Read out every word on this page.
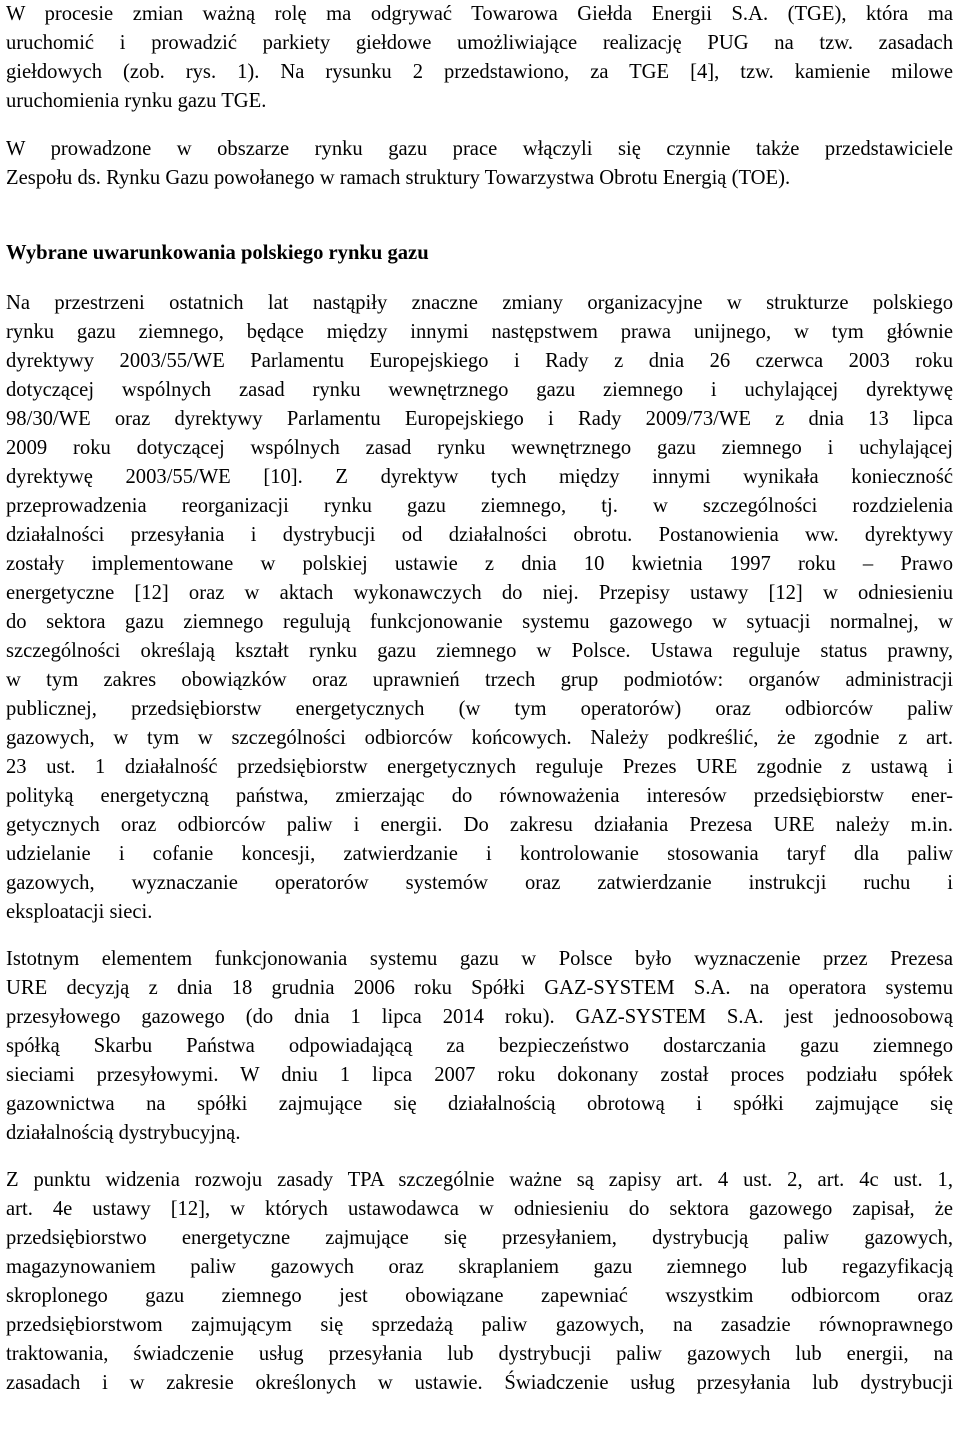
W procesie zmian ważną rolę ma odgrywać Towarowa Giełda Energii S.A. (TGE), która ma
uruchomić i prowadzić parkiety giełdowe umożliwiające realizację PUG na tzw. zasadach
giełdowych (zob. rys. 1). Na rysunku 2 przedstawiono, za TGE [4], tzw. kamienie milowe
uruchomienia rynku gazu TGE.
W prowadzone w obszarze rynku gazu prace włączyli się czynnie także przedstawiciele
Zespołu ds. Rynku Gazu powołanego w ramach struktury Towarzystwa Obrotu Energią (TOE).
Wybrane uwarunkowania polskiego rynku gazu
Na przestrzeni ostatnich lat nastąpiły znaczne zmiany organizacyjne w strukturze polskiego
rynku gazu ziemnego, będące między innymi następstwem prawa unijnego, w tym głównie
dyrektywy 2003/55/WE Parlamentu Europejskiego i Rady z dnia 26 czerwca 2003 roku
dotyczącej wspólnych zasad rynku wewnętrznego gazu ziemnego i uchylającej dyrektywę
98/30/WE oraz dyrektywy Parlamentu Europejskiego i Rady 2009/73/WE z dnia 13 lipca
2009 roku dotyczącej wspólnych zasad rynku wewnętrznego gazu ziemnego i uchylającej
dyrektywę 2003/55/WE [10]. Z dyrektyw tych między innymi wynikała konieczność
przeprowadzenia reorganizacji rynku gazu ziemnego, tj. w szczególności rozdzielenia
działalności przesyłania i dystrybucji od działalności obrotu. Postanowienia ww. dyrektywy
zostały implementowane w polskiej ustawie z dnia 10 kwietnia 1997 roku – Prawo
energetyczne [12] oraz w aktach wykonawczych do niej. Przepisy ustawy [12] w odniesieniu
do sektora gazu ziemnego regulują funkcjonowanie systemu gazowego w sytuacji normalnej, w
szczególności określają kształt rynku gazu ziemnego w Polsce. Ustawa reguluje status prawny,
w tym zakres obowiązków oraz uprawnień trzech grup podmiotów: organów administracji
publicznej, przedsiębiorstw energetycznych (w tym operatorów) oraz odbiorców paliw
gazowych, w tym w szczególności odbiorców końcowych. Należy podkreślić, że zgodnie z art.
23 ust. 1 działalność przedsiębiorstw energetycznych reguluje Prezes URE zgodnie z ustawą i
polityką energetyczną państwa, zmierzając do równoważenia interesów przedsiębiorstw ener-
getycznych oraz odbiorców paliw i energii. Do zakresu działania Prezesa URE należy m.in.
udzielanie i cofanie koncesji, zatwierdzanie i kontrolowanie stosowania taryf dla paliw
gazowych, wyznaczanie operatorów systemów oraz zatwierdzanie instrukcji ruchu i
eksploatacji sieci.
Istotnym elementem funkcjonowania systemu gazu w Polsce było wyznaczenie przez Prezesa
URE decyzją z dnia 18 grudnia 2006 roku Spółki GAZ-SYSTEM S.A. na operatora systemu
przesyłowego gazowego (do dnia 1 lipca 2014 roku). GAZ-SYSTEM S.A. jest jednoosobową
spółką Skarbu Państwa odpowiadającą za bezpieczeństwo dostarczania gazu ziemnego
sieciami przesyłowymi. W dniu 1 lipca 2007 roku dokonany został proces podziału spółek
gazownictwa na spółki zajmujące się działalnością obrotową i spółki zajmujące się
działalnością dystrybucyjną.
Z punktu widzenia rozwoju zasady TPA szczególnie ważne są zapisy art. 4 ust. 2, art. 4c ust. 1,
art. 4e ustawy [12], w których ustawodawca w odniesieniu do sektora gazowego zapisał, że
przedsiębiorstwo energetyczne zajmujące się przesyłaniem, dystrybucją paliw gazowych,
magazynowaniem paliw gazowych oraz skraplaniem gazu ziemnego lub regazyfikacją
skroplonego gazu ziemnego jest obowiązane zapewniać wszystkim odbiorcom oraz
przedsiębiorstwom zajmującym się sprzedażą paliw gazowych, na zasadzie równoprawnego
traktowania, świadczenie usług przesyłania lub dystrybucji paliw gazowych lub energii, na
zasadach i w zakresie określonych w ustawie. Świadczenie usług przesyłania lub dystrybucji
